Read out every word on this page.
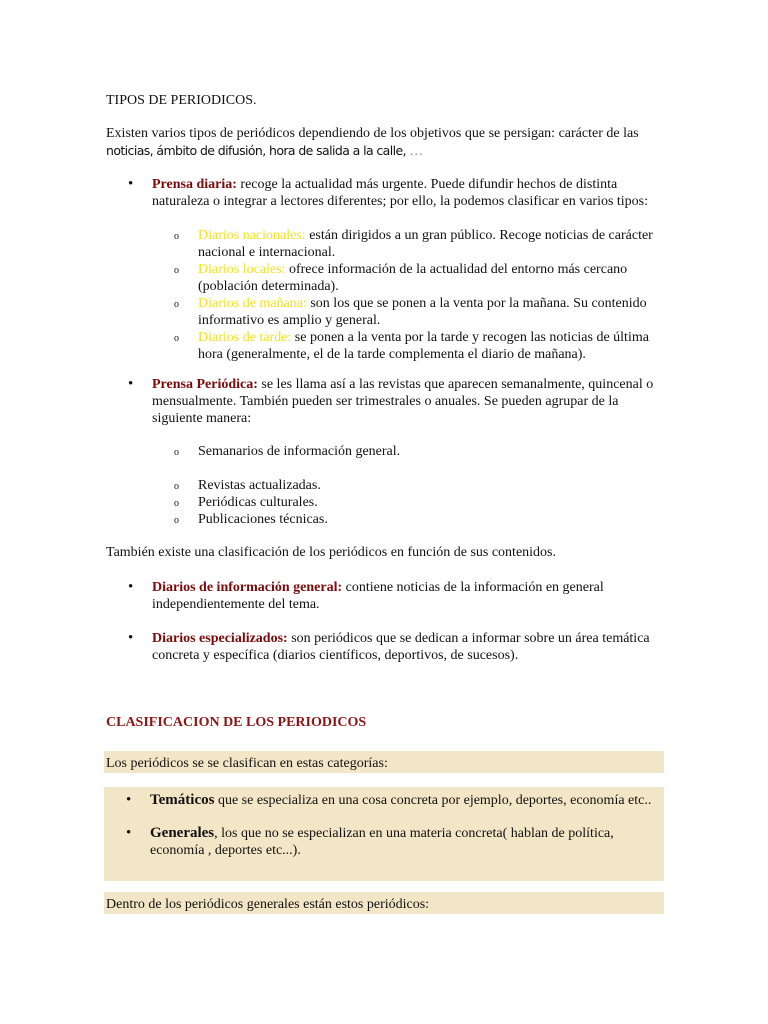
TIPOS DE PERIODICOS.
Existen varios tipos de periódicos dependiendo de los objetivos que se persigan: carácter de las
noticias, ámbito de difusión, hora de salida a la calle, …
• Prensa diaria: recoge la actualidad más urgente. Puede difundir hechos de distinta naturaleza o integrar a lectores diferentes; por ello, la podemos clasificar en varios tipos:
o Diarios nacionales: están dirigidos a un gran público. Recoge noticias de carácter nacional e internacional.
o Diarios locales: ofrece información de la actualidad del entorno más cercano (población determinada).
o Diarios de mañana: son los que se ponen a la venta por la mañana. Su contenido informativo es amplio y general.
o Diarios de tarde: se ponen a la venta por la tarde y recogen las noticias de última hora (generalmente, el de la tarde complementa el diario de mañana).
• Prensa Periódica: se les llama así a las revistas que aparecen semanalmente, quincenal o mensualmente. También pueden ser trimestrales o anuales. Se pueden agrupar de la siguiente manera:
o Semanarios de información general.
o Revistas actualizadas.
o Periódicas culturales.
o Publicaciones técnicas.
También existe una clasificación de los periódicos en función de sus contenidos.
• Diarios de información general: contiene noticias de la información en general independientemente del tema.
• Diarios especializados: son periódicos que se dedican a informar sobre un área temática concreta y específica (diarios científicos, deportivos, de sucesos).
CLASIFICACION DE LOS PERIODICOS
Los periódicos se se clasifican en estas categorías:
• Temáticos que se especializa en una cosa concreta por ejemplo, deportes, economía etc..
• Generales, los que no se especializan en una materia concreta( hablan de política, economía , deportes etc...).
Dentro de los periódicos generales están estos periódicos:
